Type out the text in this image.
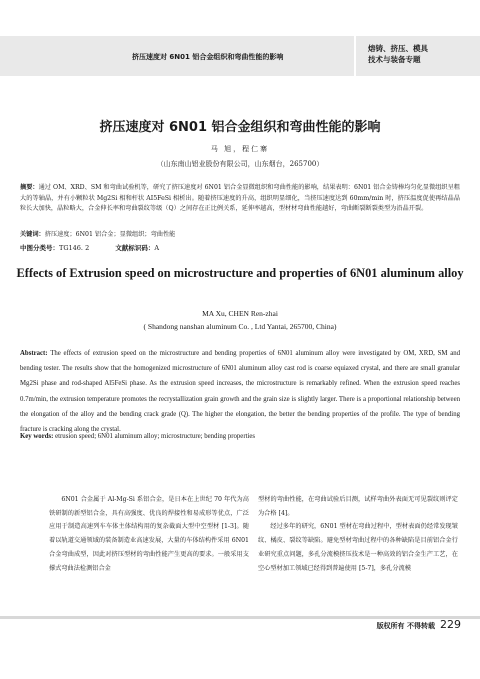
挤压速度对 6N01 铝合金组织和弯曲性能的影响
熔铸、挤压、模具
技术与装备专题
挤压速度对 6N01 铝合金组织和弯曲性能的影响
马 旭，程仁寨
（山东南山铝业股份有限公司，山东烟台，265700）
摘要：通过 OM、XRD、SM 和弯曲试验机等，研究了挤压速度对 6N01 铝合金显微组织和弯曲性能的影响，结果表明：6N01 铝合金铸棒均匀化显微组织呈粗大的等轴晶，并有小颗粒状 Mg2Si 相和杆状 AI5FeSi 相析出。随着挤压速度的升高，组织明显细化，当挤压速度达到 60mm/min 时，挤压温度促使再结晶晶粒长大加快，晶粒略大，合金伸长率和弯曲裂纹等级（Q）之间存在正比例关系，延伸率越高，型材材弯曲性能越好，弯曲断裂断裂类型为沿晶开裂。
关键词：挤压速度；6N01 铝合金；显微组织；弯曲性能
中图分类号：TG146. 2	文献标识码：A
Effects of Extrusion speed on microstructure and properties of 6N01 aluminum alloy
MA Xu, CHEN Ren-zhai
( Shandong nanshan aluminum Co. , Ltd Yantai, 265700, China)
Abstract: The effects of extrusion speed on the microstructure and bending properties of 6N01 aluminum alloy were investigated by OM, XRD, SM and bending tester. The results show that the homogenized microstructure of 6N01 aluminum alloy cast rod is coarse equiaxed crystal, and there are small granular Mg2Si phase and rod-shaped Al5FeSi phase. As the extrusion speed increases, the microstructure is remarkably refined. When the extrusion speed reaches 0.7m/min, the extrusion temperature promotes the recrystallization grain growth and the grain size is slightly larger. There is a proportional relationship between the elongation of the alloy and the bending crack grade (Q). The higher the elongation, the better the bending properties of the profile. The type of bending fracture is cracking along the crystal.
Key words: etrusion speed; 6N01 aluminum alloy; microstructure; bending properties

6N01 合金属于 Al-Mg-Si 系铝合金，是日本在上世纪 70 年代为高铁研制的新型铝合金，具有高强度、优良的焊接性和易成形等优点，广泛应用于制造高速列车车体主体结构用的复杂截面大型中空型材 [1-3]。随着以轨道交通领域的装备制造业高速发展，大量的车体结构件采用 6N01 合金弯曲成型，因此对挤压型材的弯曲性能产生更高的要求。一般采用支撑式弯曲法检测铝合金

型材的弯曲性能，在弯曲试验后目测，试样弯曲外表面无可见裂纹则评定为合格 [4]。

经过多年的研究，6N01 型材在弯曲过程中，型材表面仍经常发现皱纹、橘皮、裂纹等缺陷。避免型材弯曲过程中的各种缺陷是目前铝合金行业研究重点问题，多孔分流模挤压技术是一种高效的铝合金生产工艺，在空心型材加工领域已经得到普遍使用 [5-7]，多孔分流模

版权所有 不得转载 229
